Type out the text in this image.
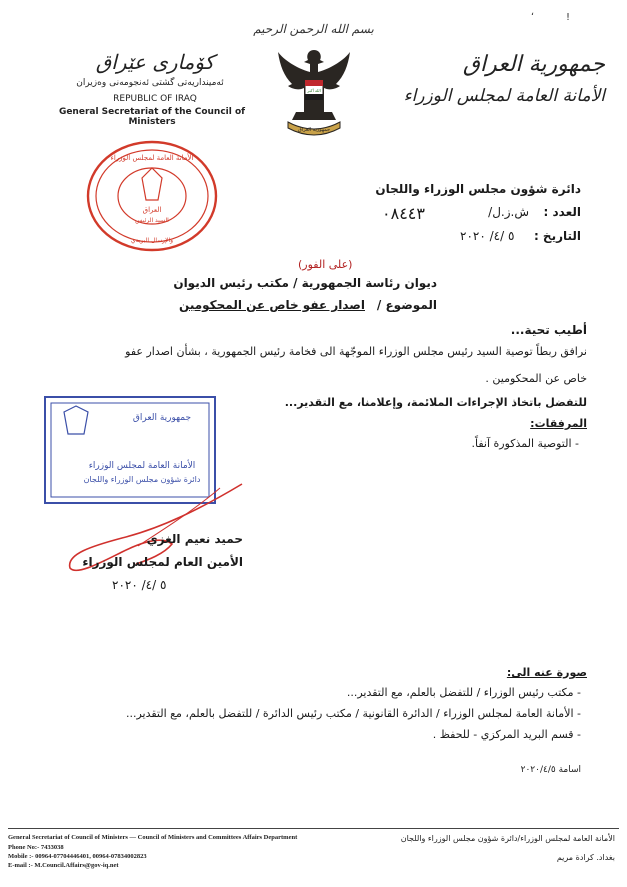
بسم الله الرحمن الرحيم
ʻ	!
كۆمارى عێراق
ئه‌مینداریه‌تى گشتى ئه‌نجومه‌نى وه‌زیران
REPUBLIC OF IRAQ
General Secretariat of the Council of Ministers
جمهورية العراق
الأمانة العامة لمجلس الوزراء
الله أكبر
جمهورية العراق
الأمانة العامة لمجلس الوزراء
العراق
السيد الرئيس
والإرسال البريدي
دائرة شؤون مجلس الوزراء واللجان
العدد :
ش.ز.ل/
٠٨٤٤٣
التاريخ :
٥ /٤/ ٢٠٢٠
(على الفور)
ديوان رئاسة الجمهورية / مكتب رئيس الديوان
الموضوع /
اصدار عفو خاص عن المحكومين
أطيب تحية...
نرافق ربطاً توصية السيد رئيس مجلس الوزراء الموجّهة الى فخامة رئيس الجمهورية ، بشأن اصدار عفو
خاص عن المحكومين .
للتفضل باتخاذ الإجراءات الملائمة، وإعلامنا، مع التقدير...
المرفقات:
- التوصية المذكورة آنفاً.
جمهورية العراق
الأمانة العامة لمجلس الوزراء
دائرة شؤون مجلس الوزراء واللجان
حميد نعيم الغزي
الأمين العام لمجلس الوزراء
٥ /٤/ ٢٠٢٠
صورة عنه الى:
- مكتب رئيس الوزراء / للتفضل بالعلم، مع التقدير...
- الأمانة العامة لمجلس الوزراء / الدائرة القانونية / مكتب رئيس الدائرة / للتفضل بالعلم، مع التقدير...
- قسم البريد المركزي - للحفظ .
اسامة ٢٠٢٠/٤/٥
General Secretariat of Council of Ministers — Council of Ministers and Committees Affairs Department
Phone No:- 7433038
Mobile :- 00964-07704446401, 00964-07834002823
E-mail :- M.Council.Affairs@gov-iq.net
الأمانة العامة لمجلس الوزراء/دائرة شؤون مجلس الوزراء واللجان
بغداد. كرادة مريم
